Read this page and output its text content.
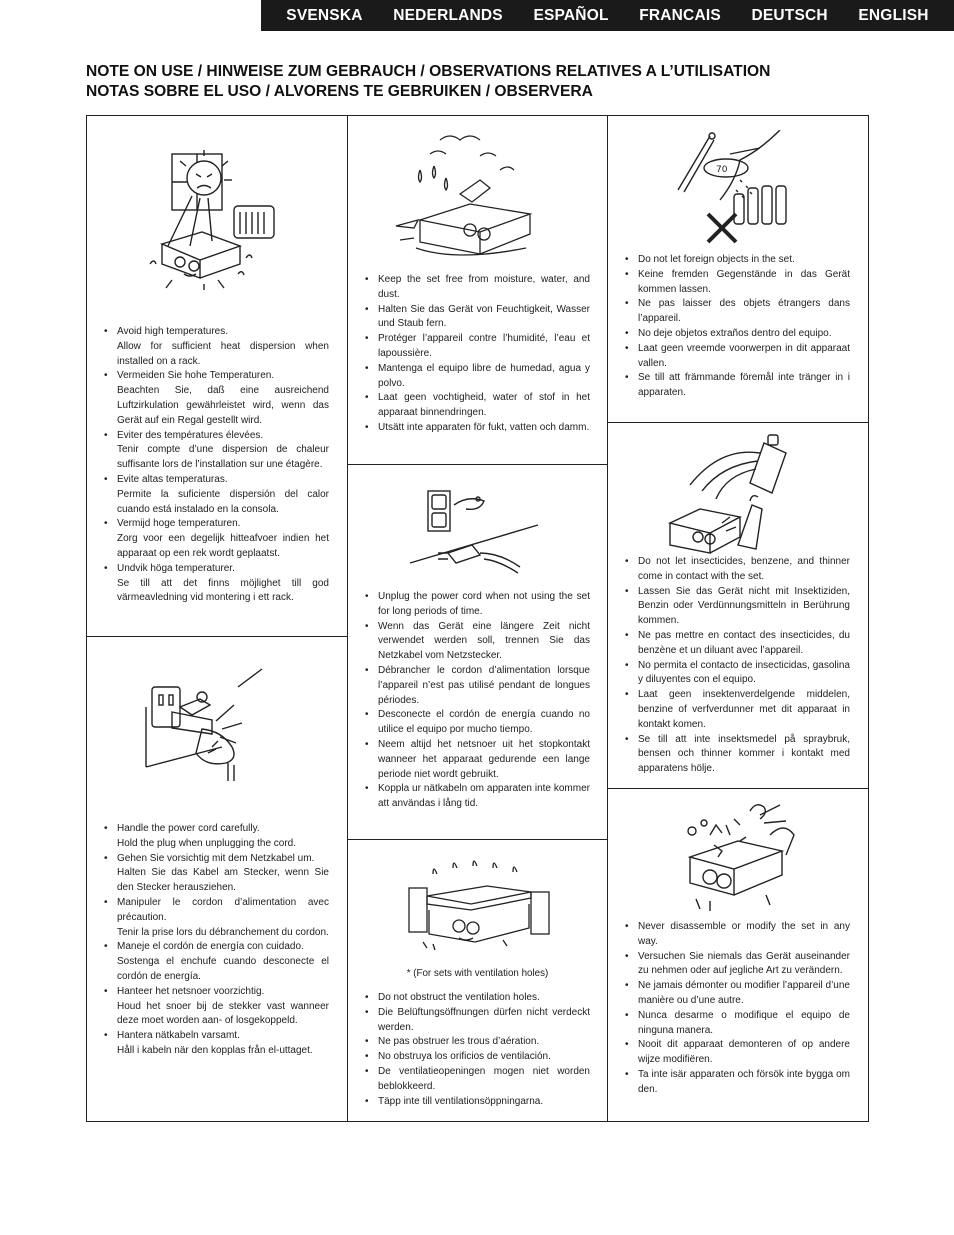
SVENSKA NEDERLANDS ESPAÑOL FRANCAIS DEUTSCH ENGLISH
NOTE ON USE / HINWEISE ZUM GEBRAUCH / OBSERVATIONS RELATIVES A L’UTILISATION
NOTAS SOBRE EL USO / ALVORENS TE GEBRUIKEN / OBSERVERA
• Avoid high temperatures.
Allow for sufficient heat dispersion when installed on a rack.
• Vermeiden Sie hohe Temperaturen.
Beachten Sie, daß eine ausreichend Luftzirkulation gewährleistet wird, wenn das Gerät auf ein Regal gestellt wird.
• Eviter des températures élevées.
Tenir compte d’une dispersion de chaleur suffisante lors de l’installation sur une étagère.
• Evite altas temperaturas.
Permite la suficiente dispersión del calor cuando está instalado en la consola.
• Vermijd hoge temperaturen.
Zorg voor een degelijk hitteafvoer indien het apparaat op een rek wordt geplaatst.
• Undvik höga temperaturer.
Se till att det finns möjlighet till god värmeavledning vid montering i ett rack.
• Handle the power cord carefully.
Hold the plug when unplugging the cord.
• Gehen Sie vorsichtig mit dem Netzkabel um.
Halten Sie das Kabel am Stecker, wenn Sie den Stecker herausziehen.
• Manipuler le cordon d’alimentation avec précaution.
Tenir la prise lors du débranchement du cordon.
• Maneje el cordón de energía con cuidado.
Sostenga el enchufe cuando desconecte el cordón de energía.
• Hanteer het netsnoer voorzichtig.
Houd het snoer bij de stekker vast wanneer deze moet worden aan- of losgekoppeld.
• Hantera nätkabeln varsamt.
Håll i kabeln när den kopplas från el-uttaget.
• Keep the set free from moisture, water, and dust.
• Halten Sie das Gerät von Feuchtigkeit, Wasser und Staub fern.
• Protéger l’appareil contre l’humidité, l’eau et lapoussière.
• Mantenga el equipo libre de humedad, agua y polvo.
• Laat geen vochtigheid, water of stof in het apparaat binnendringen.
• Utsätt inte apparaten för fukt, vatten och damm.
• Unplug the power cord when not using the set for long periods of time.
• Wenn das Gerät eine längere Zeit nicht verwendet werden soll, trennen Sie das Netzkabel vom Netzstecker.
• Débrancher le cordon d’alimentation lorsque l’appareil n’est pas utilisé pendant de longues périodes.
• Desconecte el cordón de energía cuando no utilice el equipo por mucho tiempo.
• Neem altijd het netsnoer uit het stopkontakt wanneer het apparaat gedurende een lange periode niet wordt gebruikt.
• Koppla ur nätkabeln om apparaten inte kommer att användas i lång tid.
* (For sets with ventilation holes)
• Do not obstruct the ventilation holes.
• Die Belüftungsöffnungen dürfen nicht verdeckt werden.
• Ne pas obstruer les trous d’aération.
• No obstruya los orificios de ventilación.
• De ventilatieopeningen mogen niet worden beblokkeerd.
• Täpp inte till ventilationsöppningarna.
70
• Do not let foreign objects in the set.
• Keine fremden Gegenstände in das Gerät kommen lassen.
• Ne pas laisser des objets étrangers dans l’appareil.
• No deje objetos extraños dentro del equipo.
• Laat geen vreemde voorwerpen in dit apparaat vallen.
• Se till att främmande föremål inte tränger in i apparaten.
• Do not let insecticides, benzene, and thinner come in contact with the set.
• Lassen Sie das Gerät nicht mit Insektiziden, Benzin oder Verdünnungsmitteln in Berührung kommen.
• Ne pas mettre en contact des insecticides, du benzène et un diluant avec l’appareil.
• No permita el contacto de insecticidas, gasolina y diluyentes con el equipo.
• Laat geen insektenverdelgende middelen, benzine of verfverdunner met dit apparaat in kontakt komen.
• Se till att inte insektsmedel på spraybruk, bensen och thinner kommer i kontakt med apparatens hölje.
• Never disassemble or modify the set in any way.
• Versuchen Sie niemals das Gerät auseinander zu nehmen oder auf jegliche Art zu verändern.
• Ne jamais démonter ou modifier l’appareil d’une manière ou d’une autre.
• Nunca desarme o modifique el equipo de ninguna manera.
• Nooit dit apparaat demonteren of op andere wijze modifiëren.
• Ta inte isär apparaten och försök inte bygga om den.
